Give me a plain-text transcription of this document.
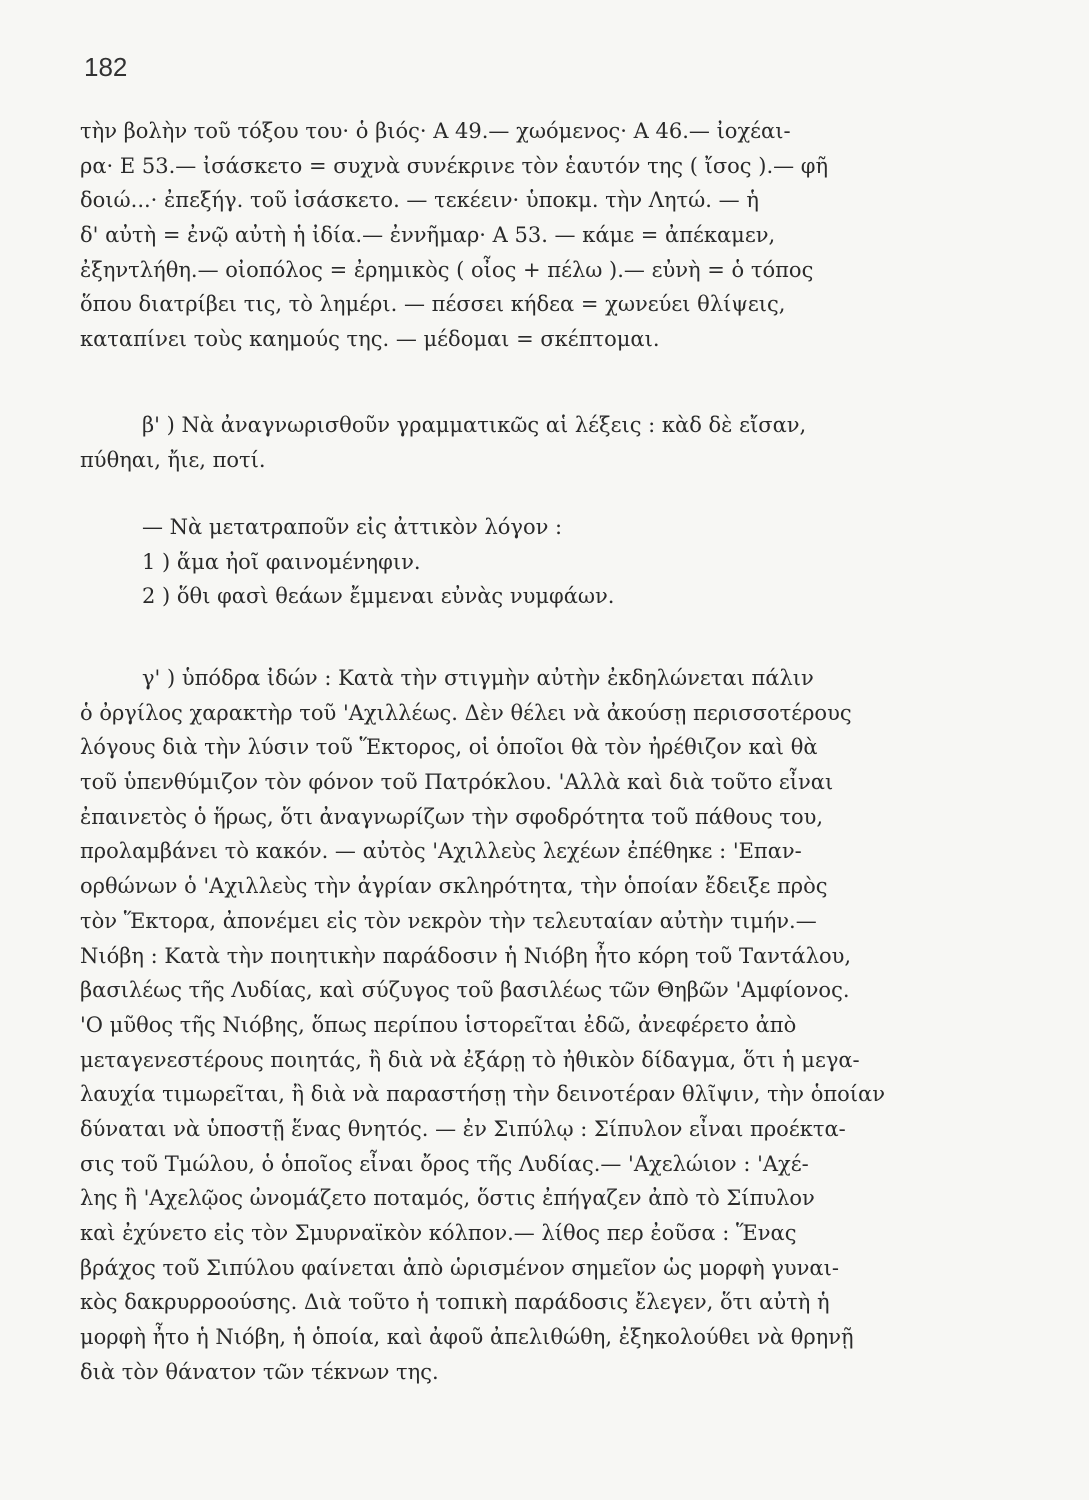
182
τὴν βολὴν τοῦ τόξου του· ὁ βιός· Α 49.— χωόμενος· Α 46.— ἰοχέαι-
ρα· Ε 53.— ἰσάσκετο = συχνὰ συνέκρινε τὸν ἑαυτόν της ( ἴσος ).— φῆ
δοιώ...· ἐπεξήγ. τοῦ ἰσάσκετο. — τεκέειν· ὑποκμ. τὴν Λητώ. — ἡ
δ' αὐτὴ = ἐνῷ αὐτὴ ἡ ἰδία.— ἐννῆμαρ· Α 53. — κάμε = ἀπέκαμεν,
ἐξηντλήθη.— οἰοπόλος = ἐρημικὸς ( οἶος + πέλω ).— εὐνὴ = ὁ τόπος
ὅπου διατρίβει τις, τὸ λημέρι. — πέσσει κήδεα = χωνεύει θλίψεις,
καταπίνει τοὺς καημούς της. — μέδομαι = σκέπτομαι.
β' ) Νὰ ἀναγνωρισθοῦν γραμματικῶς αἱ λέξεις : κὰδ δὲ εἴσαν,
πύθηαι, ἤιε, ποτί.
— Νὰ μετατραποῦν εἰς ἀττικὸν λόγον :
1 ) ἅμα ἠοῖ φαινομένηφιν.
2 ) ὅθι φασὶ θεάων ἔμμεναι εὐνὰς νυμφάων.
γ' ) ὑπόδρα ἰδών : Κατὰ τὴν στιγμὴν αὐτὴν ἐκδηλώνεται πάλιν
ὁ ὀργίλος χαρακτὴρ τοῦ 'Αχιλλέως. Δὲν θέλει νὰ ἀκούσῃ περισσοτέρους
λόγους διὰ τὴν λύσιν τοῦ Ἕκτορος, οἱ ὁποῖοι θὰ τὸν ἠρέθιζον καὶ θὰ
τοῦ ὑπενθύμιζον τὸν φόνον τοῦ Πατρόκλου. 'Αλλὰ καὶ διὰ τοῦτο εἶναι
ἐπαινετὸς ὁ ἥρως, ὅτι ἀναγνωρίζων τὴν σφοδρότητα τοῦ πάθους του,
προλαμβάνει τὸ κακόν. — αὐτὸς 'Αχιλλεὺς λεχέων ἐπέθηκε : 'Επαν-
ορθώνων ὁ 'Αχιλλεὺς τὴν ἀγρίαν σκληρότητα, τὴν ὁποίαν ἔδειξε πρὸς
τὸν Ἕκτορα, ἀπονέμει εἰς τὸν νεκρὸν τὴν τελευταίαν αὐτὴν τιμήν.—
Νιόβη : Κατὰ τὴν ποιητικὴν παράδοσιν ἡ Νιόβη ἦτο κόρη τοῦ Ταντάλου,
βασιλέως τῆς Λυδίας, καὶ σύζυγος τοῦ βασιλέως τῶν Θηβῶν 'Αμφίονος.
'Ο μῦθος τῆς Νιόβης, ὅπως περίπου ἱστορεῖται ἐδῶ, ἀνεφέρετο ἀπὸ
μεταγενεστέρους ποιητάς, ἢ διὰ νὰ ἐξάρῃ τὸ ἠθικὸν δίδαγμα, ὅτι ἡ μεγα-
λαυχία τιμωρεῖται, ἢ διὰ νὰ παραστήσῃ τὴν δεινοτέραν θλῖψιν, τὴν ὁποίαν
δύναται νὰ ὑποστῇ ἕνας θνητός. — ἐν Σιπύλῳ : Σίπυλον εἶναι προέκτα-
σις τοῦ Τμώλου, ὁ ὁποῖος εἶναι ὄρος τῆς Λυδίας.— 'Αχελώιον : 'Αχέ-
λης ἢ 'Αχελῷος ὠνομάζετο ποταμός, ὅστις ἐπήγαζεν ἀπὸ τὸ Σίπυλον
καὶ ἐχύνετο εἰς τὸν Σμυρναϊκὸν κόλπον.— λίθος περ ἐοῦσα : Ἕνας
βράχος τοῦ Σιπύλου φαίνεται ἀπὸ ὡρισμένον σημεῖον ὡς μορφὴ γυναι-
κὸς δακρυρροούσης. Διὰ τοῦτο ἡ τοπικὴ παράδοσις ἔλεγεν, ὅτι αὐτὴ ἡ
μορφὴ ἦτο ἡ Νιόβη, ἡ ὁποία, καὶ ἀφοῦ ἀπελιθώθη, ἐξηκολούθει νὰ θρηνῇ
διὰ τὸν θάνατον τῶν τέκνων της.
